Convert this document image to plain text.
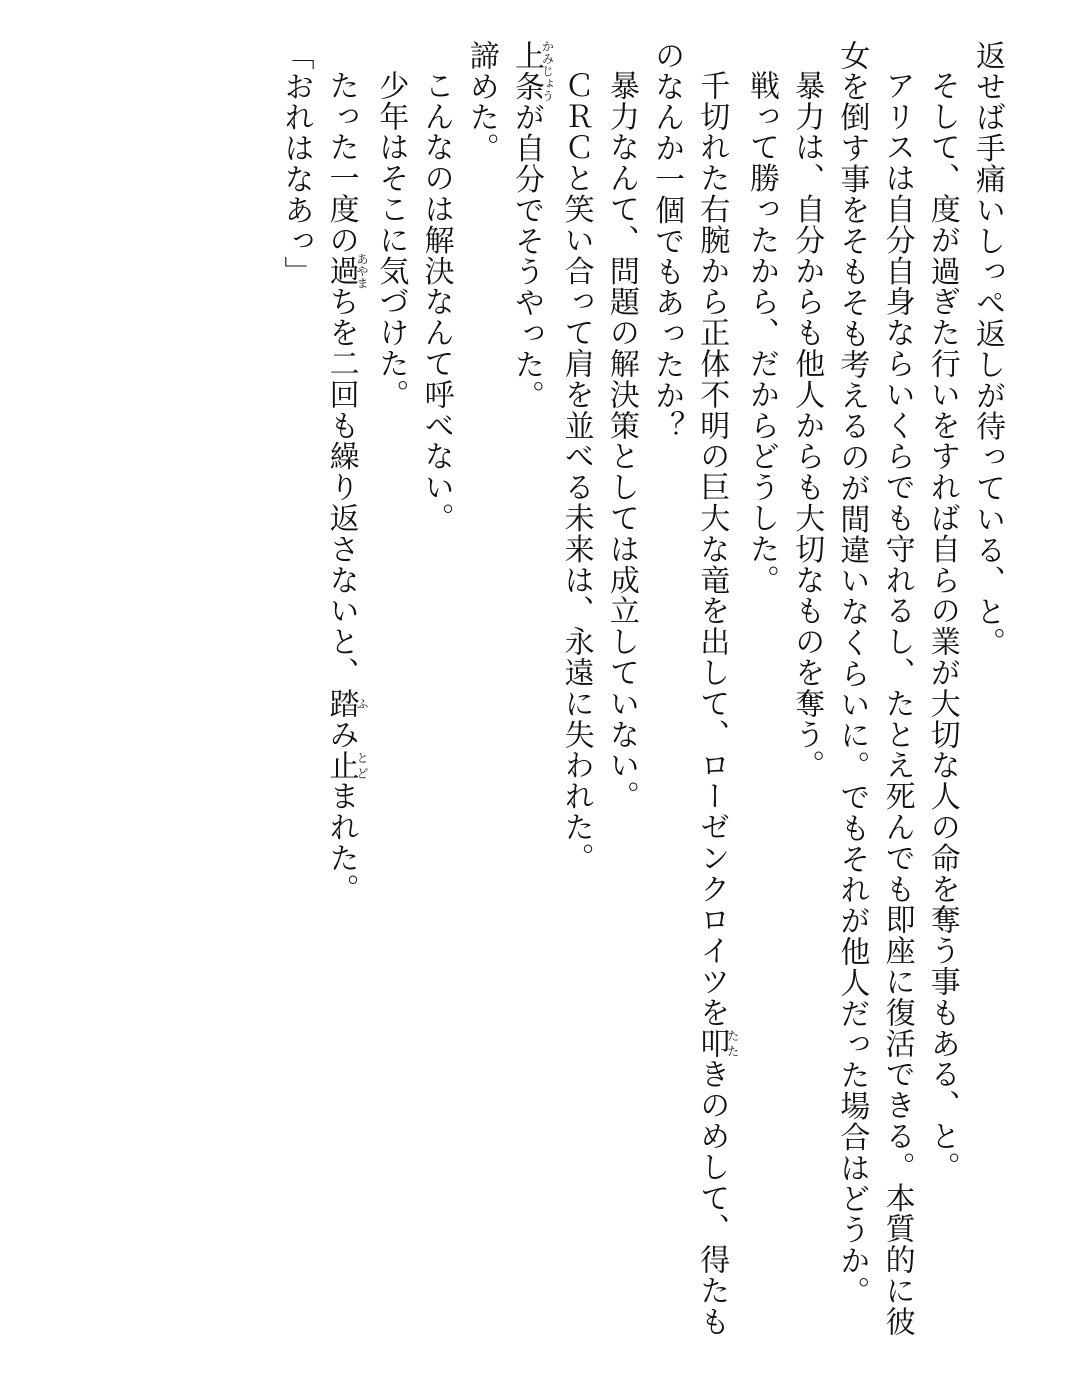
返せば手痛いしっぺ返しが待っている、と。

そして、度が過ぎた行いをすれば自らの業が大切な人の命を奪う事もある、と。

アリスは自分自身ならいくらでも守れるし、たとえ死んでも即座に復活できる。本質的に彼女を倒す事をそもそも考えるのが間違いなくらいに。でもそれが他人だった場合はどうか。

暴力は、自分からも他人からも大切なものを奪う。

戦って勝ったから、だからどうした。

千切れた右腕から正体不明の巨大な竜を出して、ローゼンクロイツを叩たたきのめして、得たものなんか一個でもあったか？

暴力なんて、問題の解決策としては成立していない。

ＣＲＣと笑い合って肩を並べる未来は、永遠に失われた。

上条かみじょうが自分でそうやった。

諦めた。

こんなのは解決なんて呼べない。

少年はそこに気づけた。

たった一度の過あやまちを二回も繰り返さないと、踏ふみ止とどまれた。

「おれはなあっ」
